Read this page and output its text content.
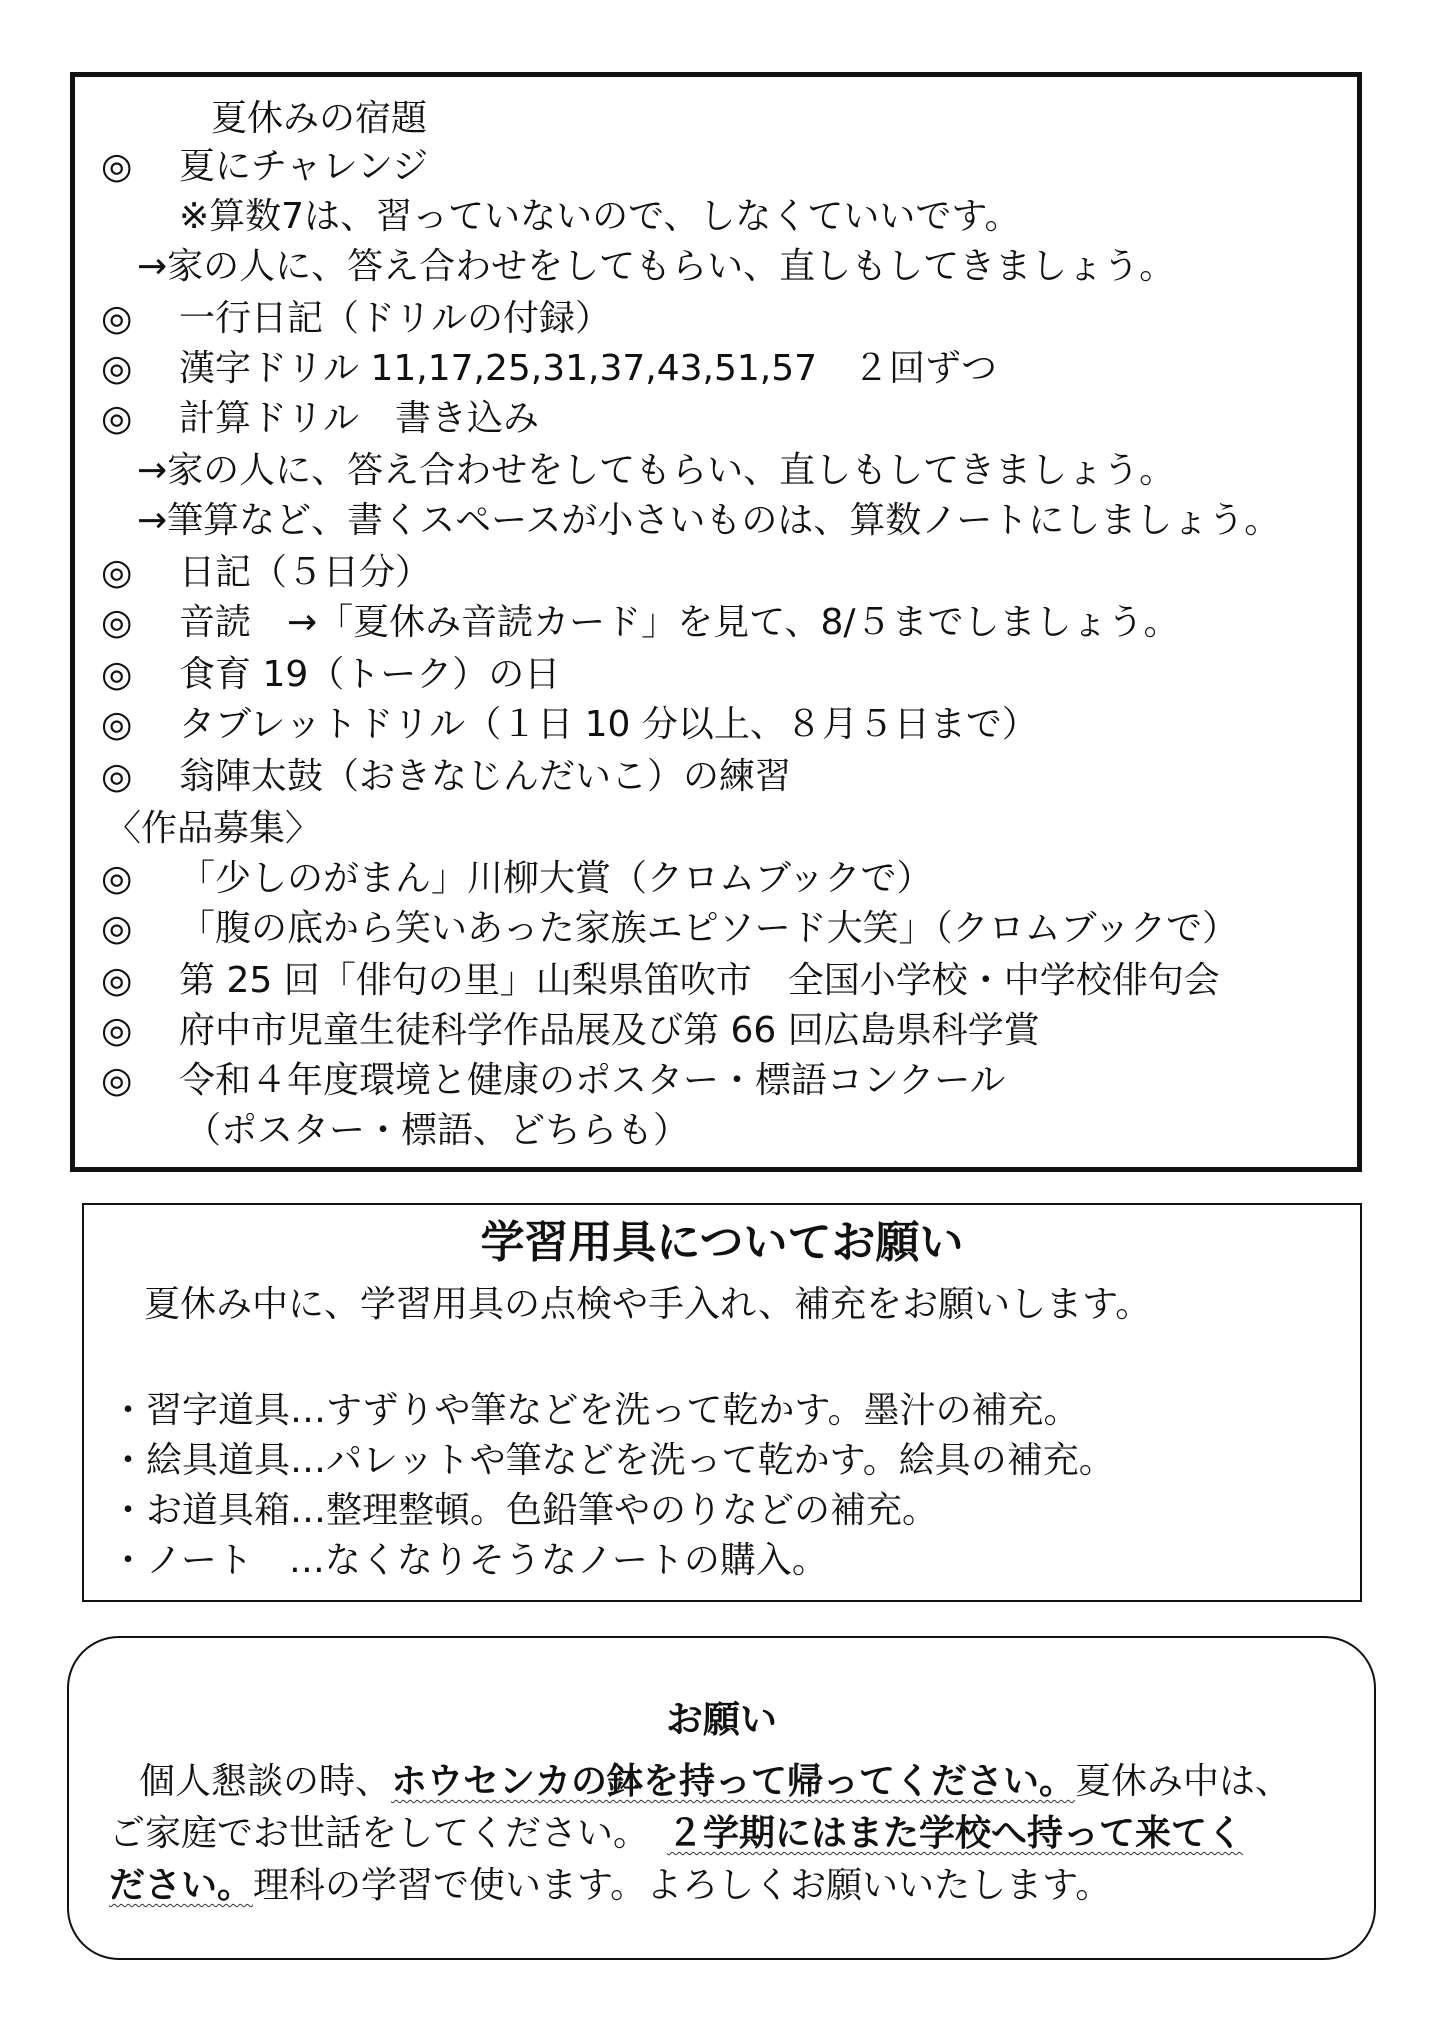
夏休みの宿題
◎ 夏にチャレンジ
※算数7は、習っていないので、しなくていいです。
→家の人に、答え合わせをしてもらい、直しもしてきましょう。
◎ 一行日記（ドリルの付録）
◎ 漢字ドリル 11,17,25,31,37,43,51,57　２回ずつ
◎ 計算ドリル　書き込み
→家の人に、答え合わせをしてもらい、直しもしてきましょう。
→筆算など、書くスペースが小さいものは、算数ノートにしましょう。
◎ 日記（５日分）
◎ 音読　→「夏休み音読カード」を見て、8/５までしましょう。
◎ 食育 19（トーク）の日
◎ タブレットドリル（１日 10 分以上、８月５日まで）
◎ 翁陣太鼓（おきなじんだいこ）の練習
〈作品募集〉
◎ 「少しのがまん」川柳大賞（クロムブックで）
◎ 「腹の底から笑いあった家族エピソード大笑」（クロムブックで）
◎ 第 25 回「俳句の里」山梨県笛吹市　全国小学校・中学校俳句会
◎ 府中市児童生徒科学作品展及び第 66 回広島県科学賞
◎ 令和４年度環境と健康のポスター・標語コンクール
（ポスター・標語、どちらも）
学習用具についてお願い
夏休み中に、学習用具の点検や手入れ、補充をお願いします。
・習字道具…すずりや筆などを洗って乾かす。墨汁の補充。
・絵具道具…パレットや筆などを洗って乾かす。絵具の補充。
・お道具箱…整理整頓。色鉛筆やのりなどの補充。
・ノート　…なくなりそうなノートの購入。
お願い
個人懇談の時、ホウセンカの鉢を持って帰ってください。夏休み中は、
ご家庭でお世話をしてください。　 ２学期にはまた学校へ持って来てく
ださい。理科の学習で使います。よろしくお願いいたします。
